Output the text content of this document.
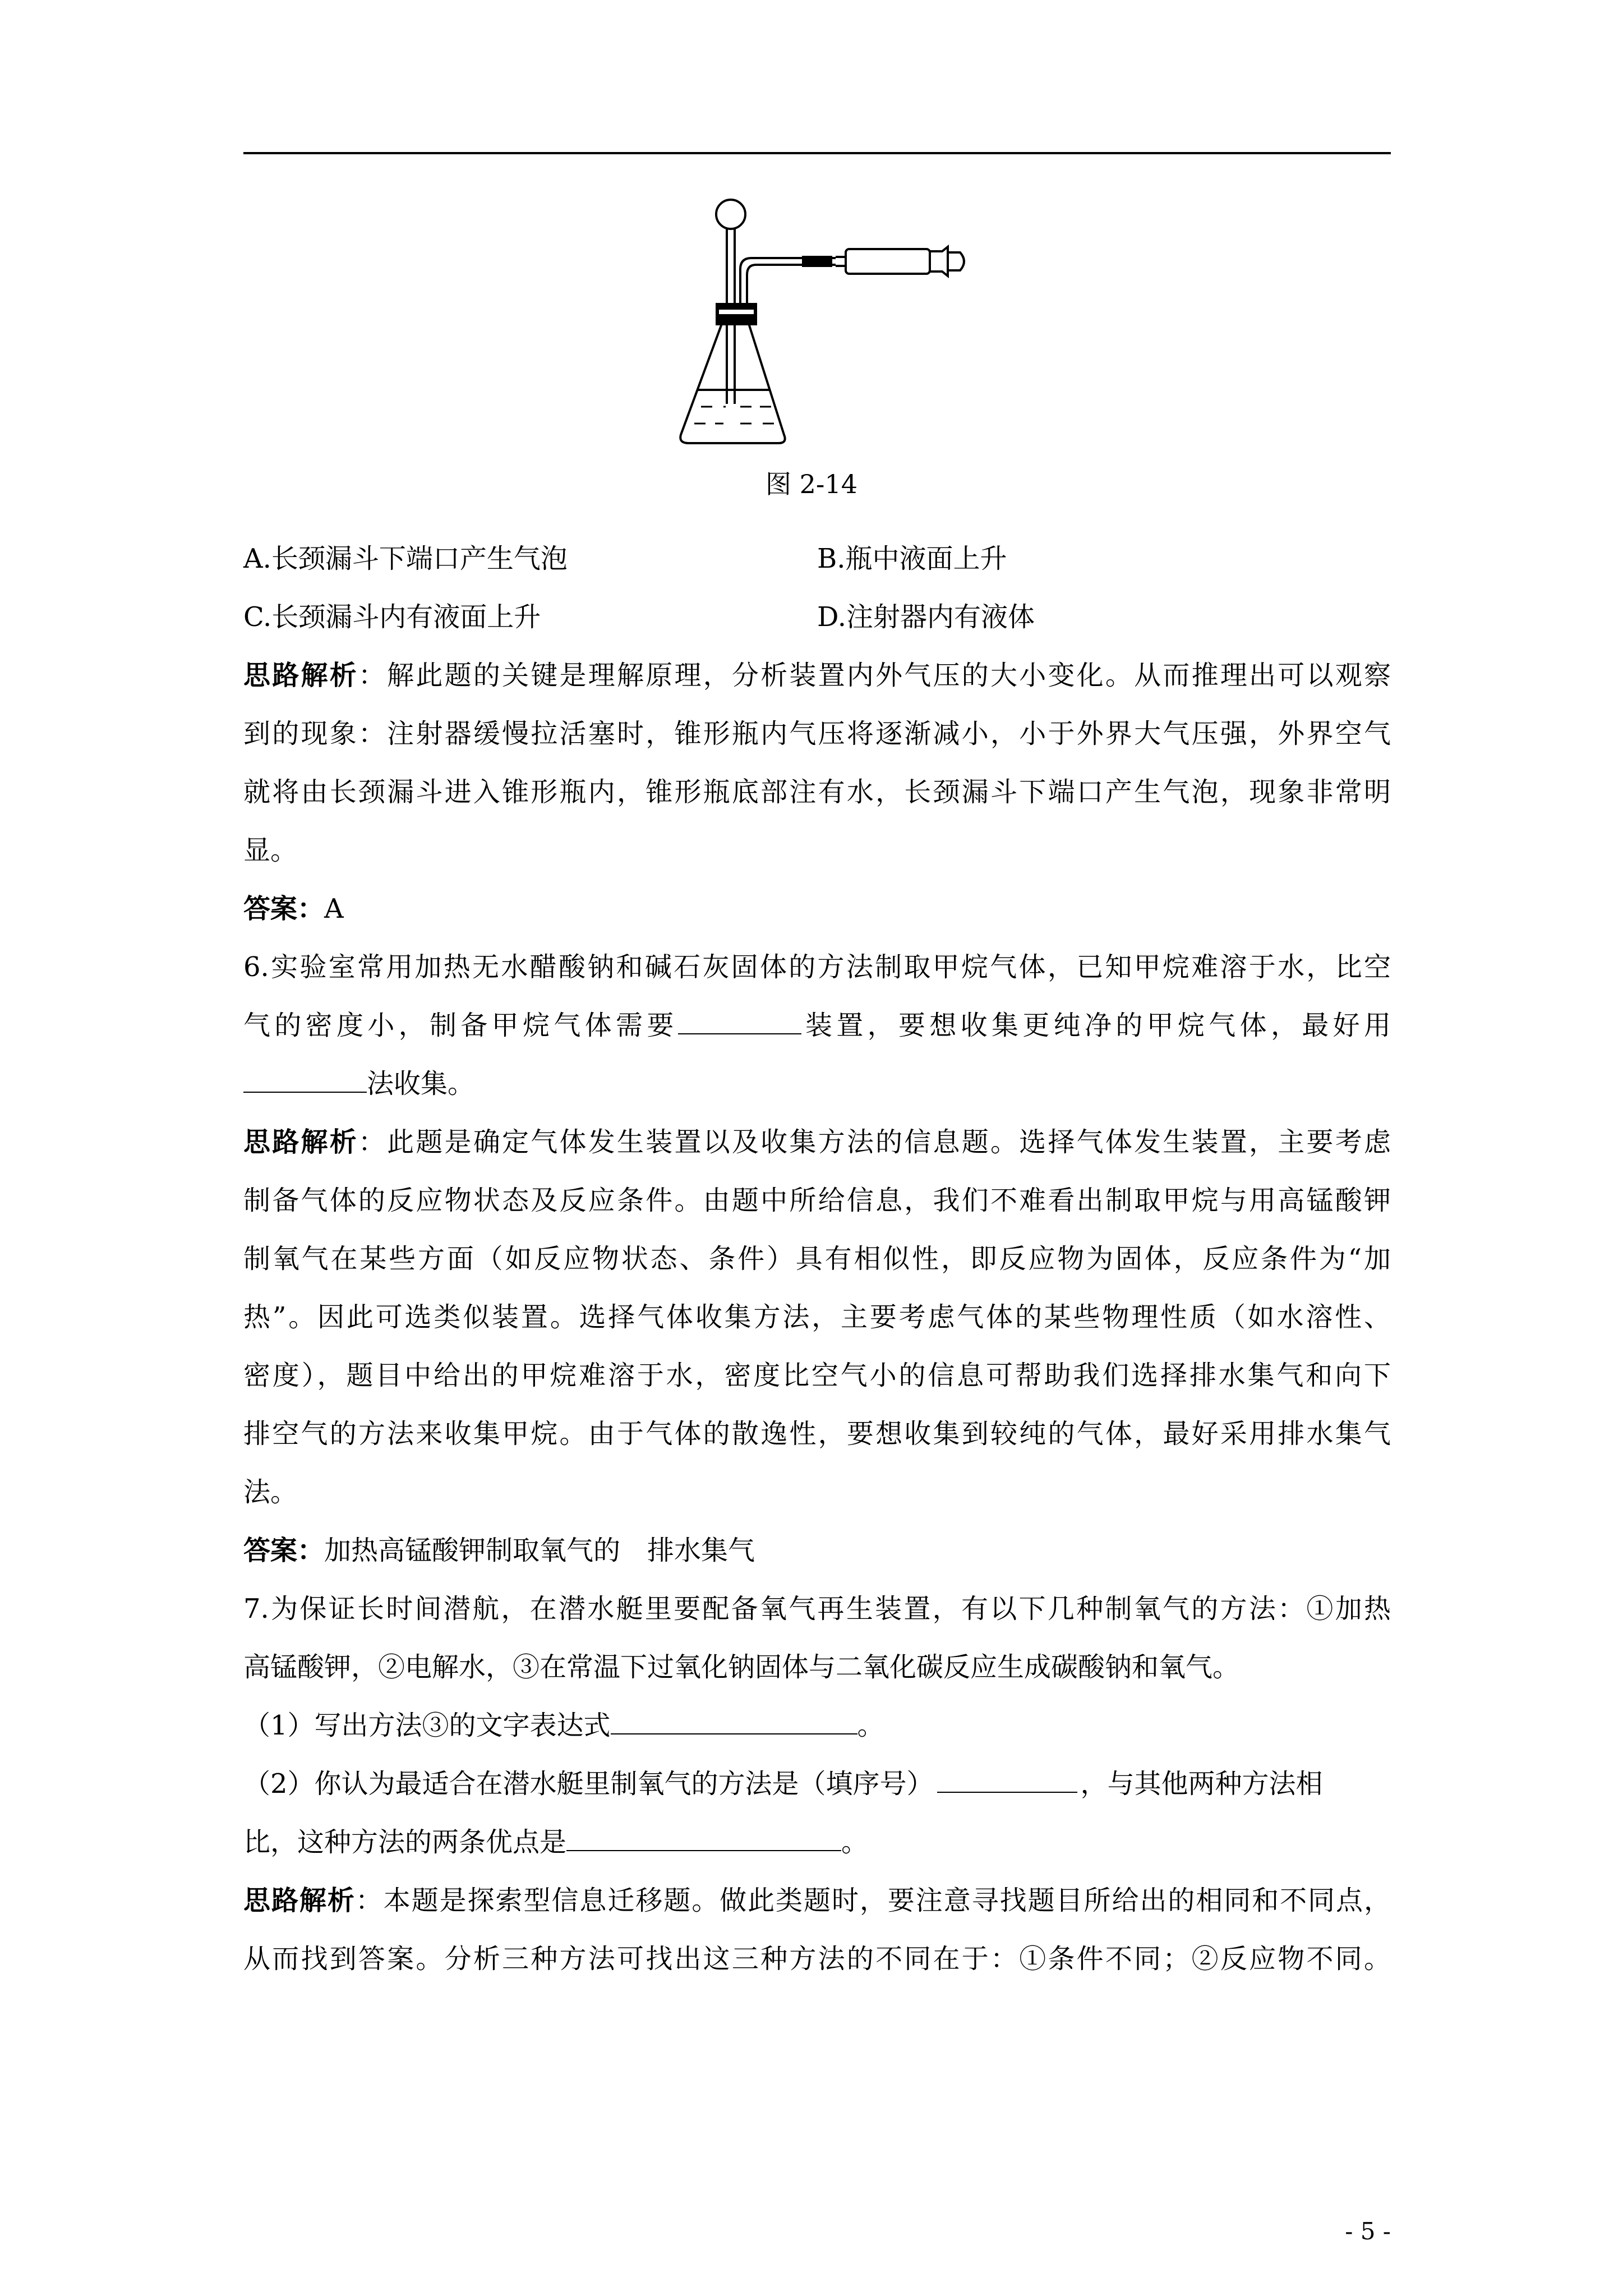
图 2-14
A.长颈漏斗下端口产生气泡	B.瓶中液面上升
C.长颈漏斗内有液面上升	D.注射器内有液体
思路解析：解此题的关键是理解原理，分析装置内外气压的大小变化。从而推理出可以观察
到的现象：注射器缓慢拉活塞时，锥形瓶内气压将逐渐减小，小于外界大气压强，外界空气
就将由长颈漏斗进入锥形瓶内，锥形瓶底部注有水，长颈漏斗下端口产生气泡，现象非常明
显。
答案：A
6.实验室常用加热无水醋酸钠和碱石灰固体的方法制取甲烷气体，已知甲烷难溶于水，比空
气的密度小，制备甲烷气体需要	装置，要想收集更纯净的甲烷气体，最好用
法收集。
思路解析：此题是确定气体发生装置以及收集方法的信息题。选择气体发生装置，主要考虑
制备气体的反应物状态及反应条件。由题中所给信息，我们不难看出制取甲烷与用高锰酸钾
制氧气在某些方面（如反应物状态、条件）具有相似性，即反应物为固体，反应条件为“加
热”。因此可选类似装置。选择气体收集方法，主要考虑气体的某些物理性质（如水溶性、
密度），题目中给出的甲烷难溶于水，密度比空气小的信息可帮助我们选择排水集气和向下
排空气的方法来收集甲烷。由于气体的散逸性，要想收集到较纯的气体，最好采用排水集气
法。
答案：加热高锰酸钾制取氧气的　排水集气
7.为保证长时间潜航，在潜水艇里要配备氧气再生装置，有以下几种制氧气的方法：①加热
高锰酸钾，②电解水，③在常温下过氧化钠固体与二氧化碳反应生成碳酸钠和氧气。
（1）写出方法③的文字表达式	。
（2）你认为最适合在潜水艇里制氧气的方法是（填序号）	，与其他两种方法相
比，这种方法的两条优点是	。
思路解析：本题是探索型信息迁移题。做此类题时，要注意寻找题目所给出的相同和不同点，
从而找到答案。分析三种方法可找出这三种方法的不同在于：①条件不同；②反应物不同。
- 5 -
